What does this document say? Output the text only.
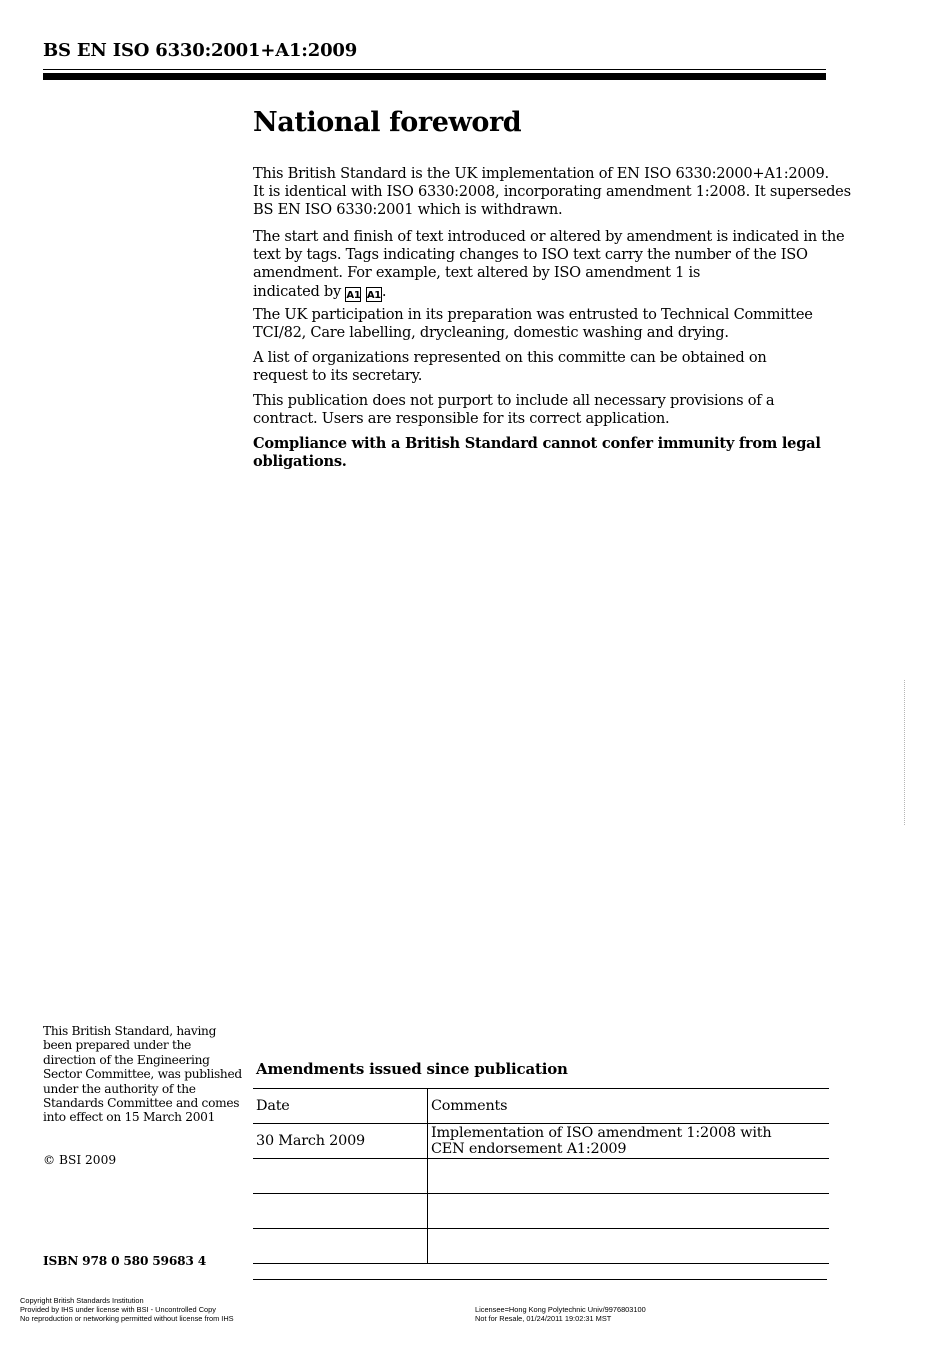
BS EN ISO 6330:2001+A1:2009
National foreword
This British Standard is the UK implementation of EN ISO 6330:2000+A1:2009.
It is identical with ISO 6330:2008, incorporating amendment 1:2008. It supersedes
BS EN ISO 6330:2001 which is withdrawn.
The start and finish of text introduced or altered by amendment is indicated in the
text by tags. Tags indicating changes to ISO text carry the number of the ISO
amendment. For example, text altered by ISO amendment 1 is
indicated by A1 A1.
The UK participation in its preparation was entrusted to Technical Committee
TCI/82, Care labelling, drycleaning, domestic washing and drying.
A list of organizations represented on this committe can be obtained on
request to its secretary.
This publication does not purport to include all necessary provisions of a
contract. Users are responsible for its correct application.
Compliance with a British Standard cannot confer immunity from legal
obligations.
This British Standard, having
been prepared under the
direction of the Engineering
Sector Committee, was published
under the authority of the
Standards Committee and comes
into effect on 15 March 2001
© BSI 2009
ISBN 978 0 580 59683 4
Amendments issued since publication
Date	Comments
30 March 2009	Implementation of ISO amendment 1:2008 with
CEN endorsement A1:2009

Copyright British Standards Institution
Provided by IHS under license with BSI - Uncontrolled Copy
No reproduction or networking permitted without license from IHS
Licensee=Hong Kong Polytechnic Univ/9976803100
Not for Resale, 01/24/2011 19:02:31 MST
